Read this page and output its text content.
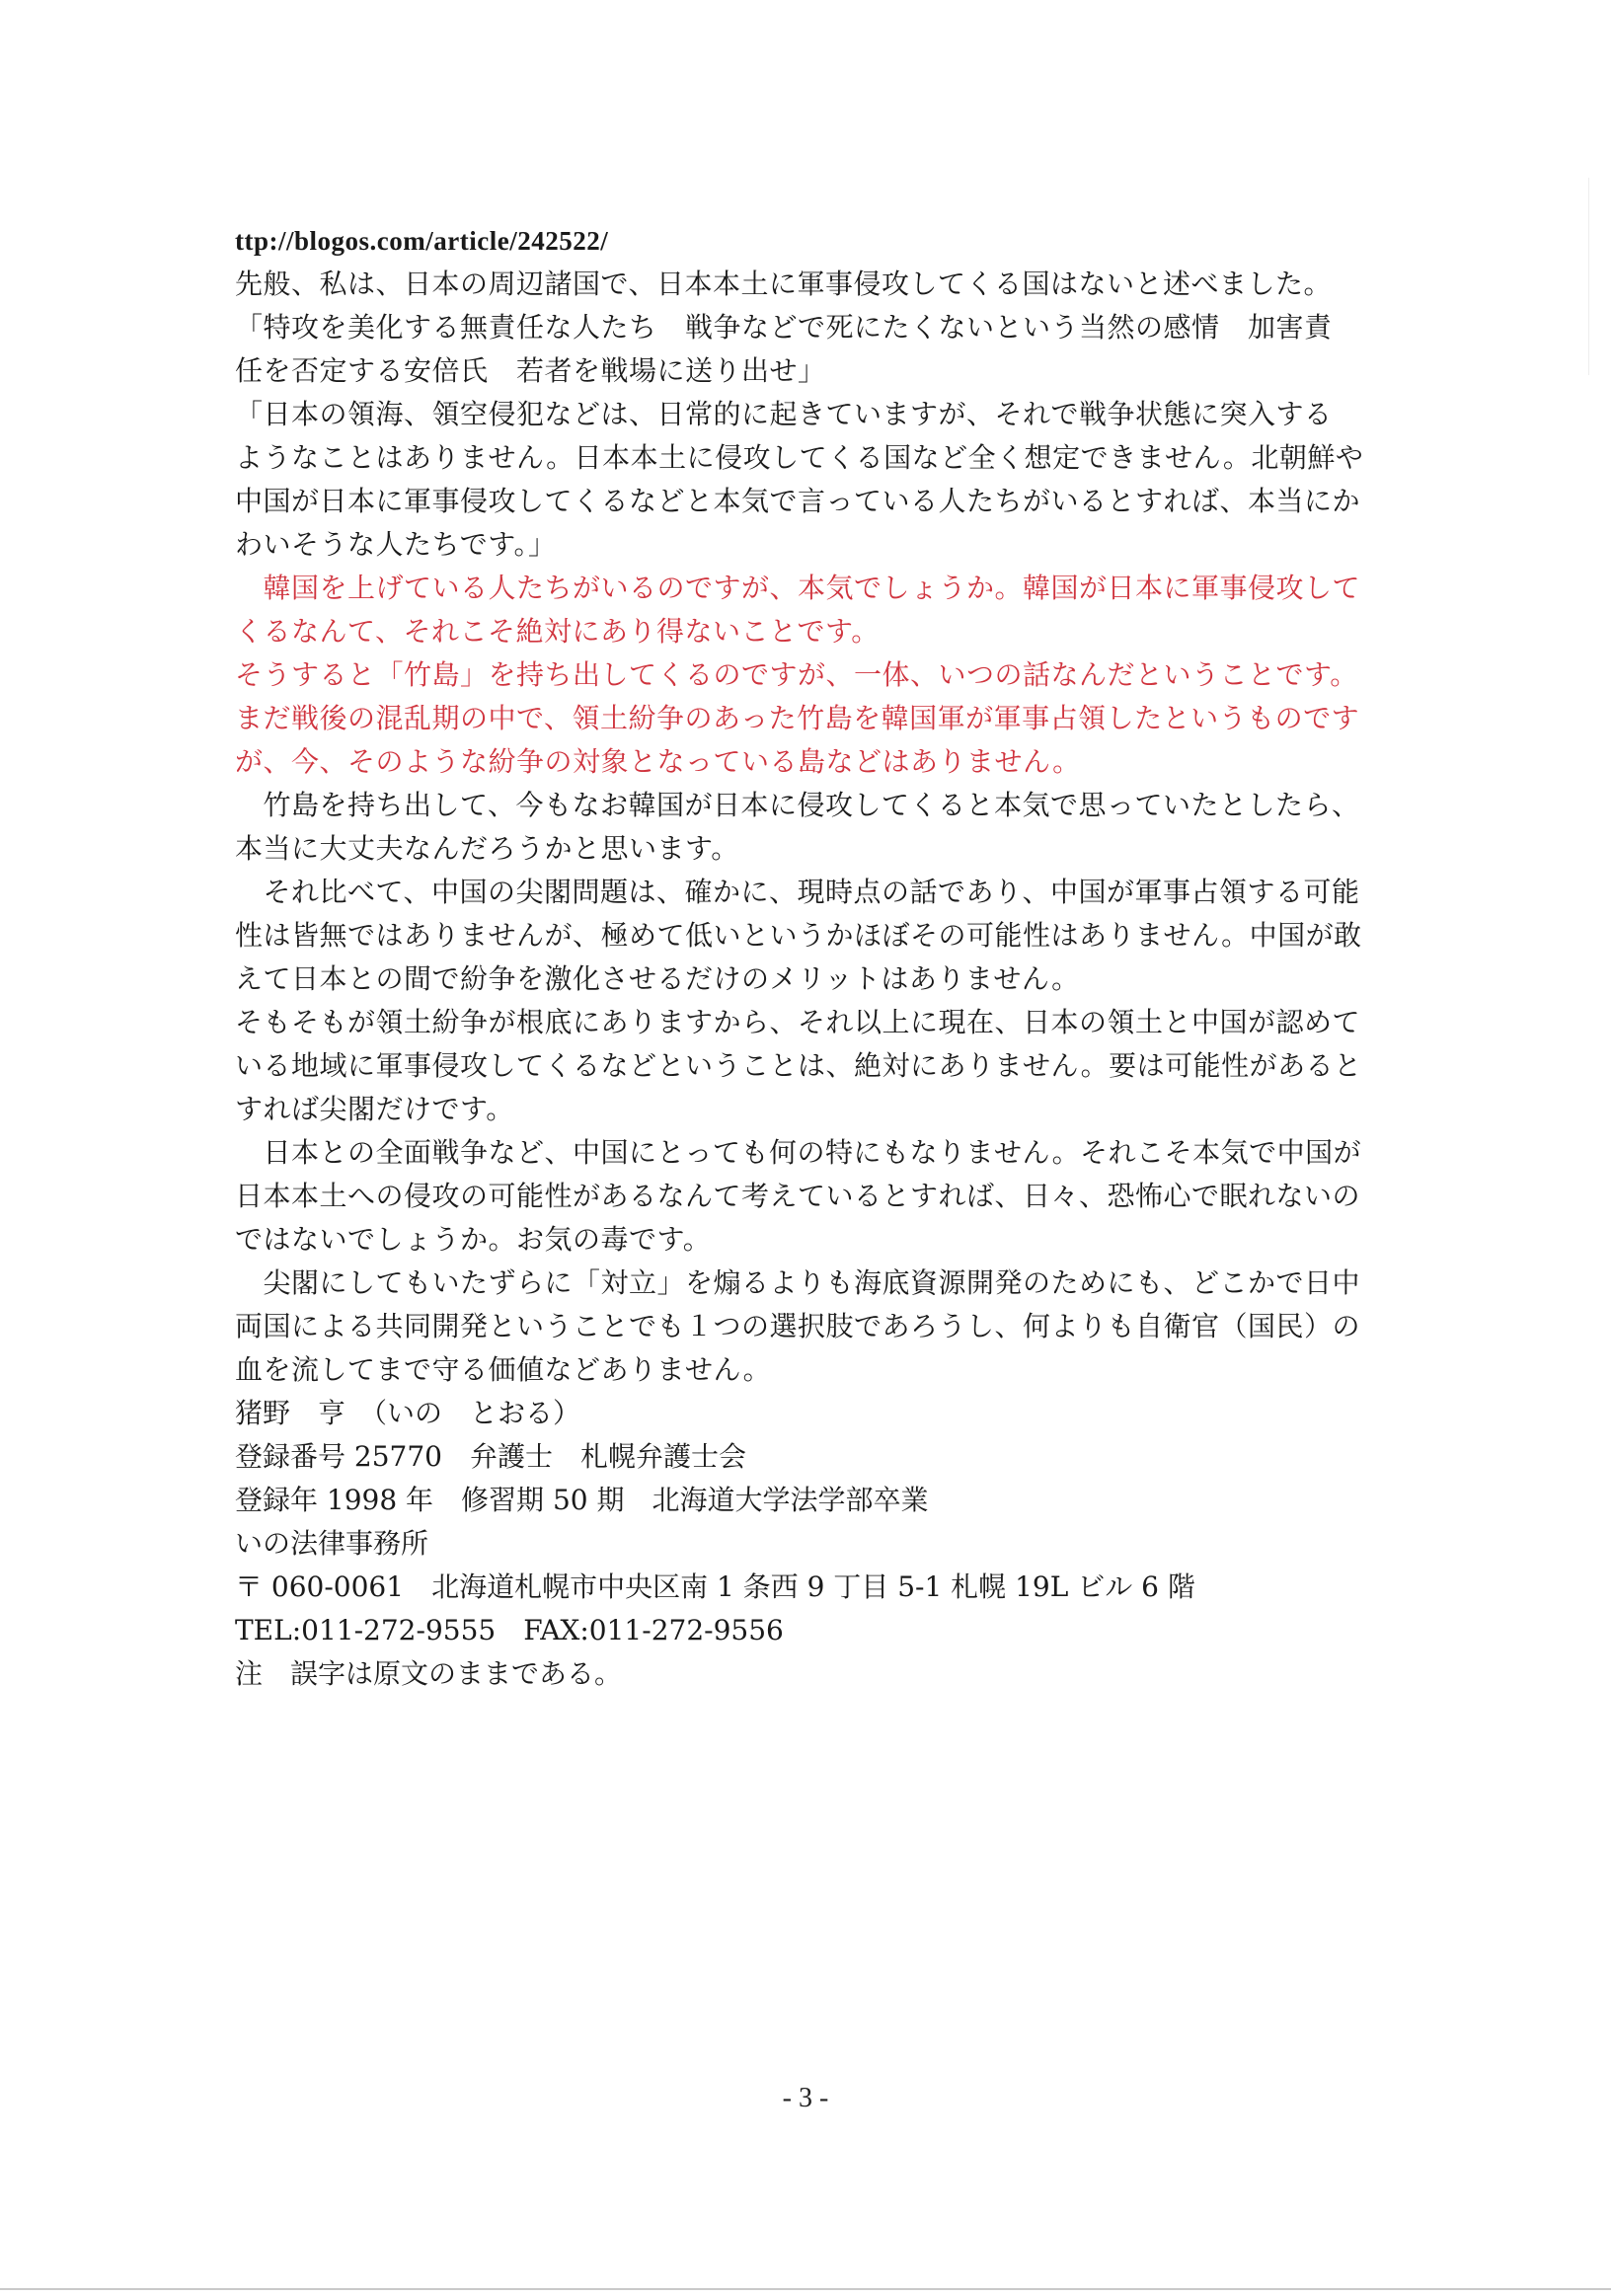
ttp://blogos.com/article/242522/
先般、私は、日本の周辺諸国で、日本本土に軍事侵攻してくる国はないと述べました。
「特攻を美化する無責任な人たち　戦争などで死にたくないという当然の感情　加害責
任を否定する安倍氏　若者を戦場に送り出せ」
「日本の領海、領空侵犯などは、日常的に起きていますが、それで戦争状態に突入する
ようなことはありません。日本本土に侵攻してくる国など全く想定できません。北朝鮮や
中国が日本に軍事侵攻してくるなどと本気で言っている人たちがいるとすれば、本当にか
わいそうな人たちです。」
　韓国を上げている人たちがいるのですが、本気でしょうか。韓国が日本に軍事侵攻して
くるなんて、それこそ絶対にあり得ないことです。
そうすると「竹島」を持ち出してくるのですが、一体、いつの話なんだということです。
まだ戦後の混乱期の中で、領土紛争のあった竹島を韓国軍が軍事占領したというものです
が、今、そのような紛争の対象となっている島などはありません。
　竹島を持ち出して、今もなお韓国が日本に侵攻してくると本気で思っていたとしたら、
本当に大丈夫なんだろうかと思います。
　それ比べて、中国の尖閣問題は、確かに、現時点の話であり、中国が軍事占領する可能
性は皆無ではありませんが、極めて低いというかほぼその可能性はありません。中国が敢
えて日本との間で紛争を激化させるだけのメリットはありません。
そもそもが領土紛争が根底にありますから、それ以上に現在、日本の領土と中国が認めて
いる地域に軍事侵攻してくるなどということは、絶対にありません。要は可能性があると
すれば尖閣だけです。
　日本との全面戦争など、中国にとっても何の特にもなりません。それこそ本気で中国が
日本本土への侵攻の可能性があるなんて考えているとすれば、日々、恐怖心で眠れないの
ではないでしょうか。お気の毒です。
　尖閣にしてもいたずらに「対立」を煽るよりも海底資源開発のためにも、どこかで日中
両国による共同開発ということでも１つの選択肢であろうし、何よりも自衛官（国民）の
血を流してまで守る価値などありません。
猪野　亨　（いの　とおる）
登録番号 25770　弁護士　札幌弁護士会
登録年 1998 年　修習期 50 期　北海道大学法学部卒業
いの法律事務所
〒 060-0061　北海道札幌市中央区南 1 条西 9 丁目 5-1 札幌 19L ビル 6 階
TEL:011-272-9555　FAX:011-272-9556
注　誤字は原文のままである。
- 3 -
